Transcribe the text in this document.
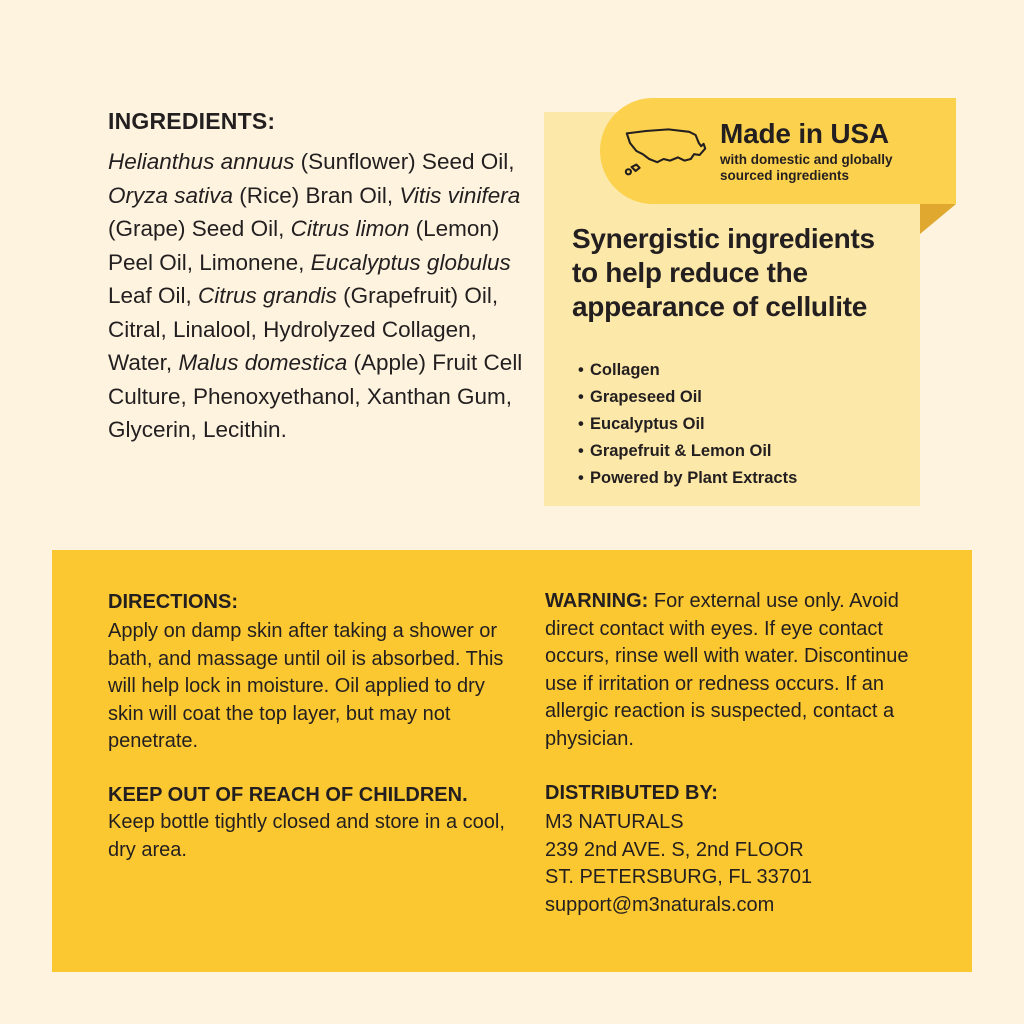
INGREDIENTS:
Helianthus annuus (Sunflower) Seed Oil, Oryza sativa (Rice) Bran Oil, Vitis vinifera (Grape) Seed Oil, Citrus limon (Lemon) Peel Oil, Limonene, Eucalyptus globulus Leaf Oil, Citrus grandis (Grapefruit) Oil, Citral, Linalool, Hydrolyzed Collagen, Water, Malus domestica (Apple) Fruit Cell Culture, Phenoxyethanol, Xanthan Gum, Glycerin, Lecithin.
Made in USA
with domestic and globally
sourced ingredients
Synergistic ingredients to help reduce the appearance of cellulite
• Collagen
• Grapeseed Oil
• Eucalyptus Oil
• Grapefruit & Lemon Oil
• Powered by Plant Extracts
DIRECTIONS:
Apply on damp skin after taking a shower or bath, and massage until oil is absorbed. This will help lock in moisture. Oil applied to dry skin will coat the top layer, but may not penetrate.
KEEP OUT OF REACH OF CHILDREN. Keep bottle tightly closed and store in a cool, dry area.
WARNING: For external use only. Avoid direct contact with eyes. If eye contact occurs, rinse well with water. Discontinue use if irritation or redness occurs. If an allergic reaction is suspected, contact a physician.
DISTRIBUTED BY:
M3 NATURALS
239 2nd AVE. S, 2nd FLOOR
ST. PETERSBURG, FL 33701
support@m3naturals.com
